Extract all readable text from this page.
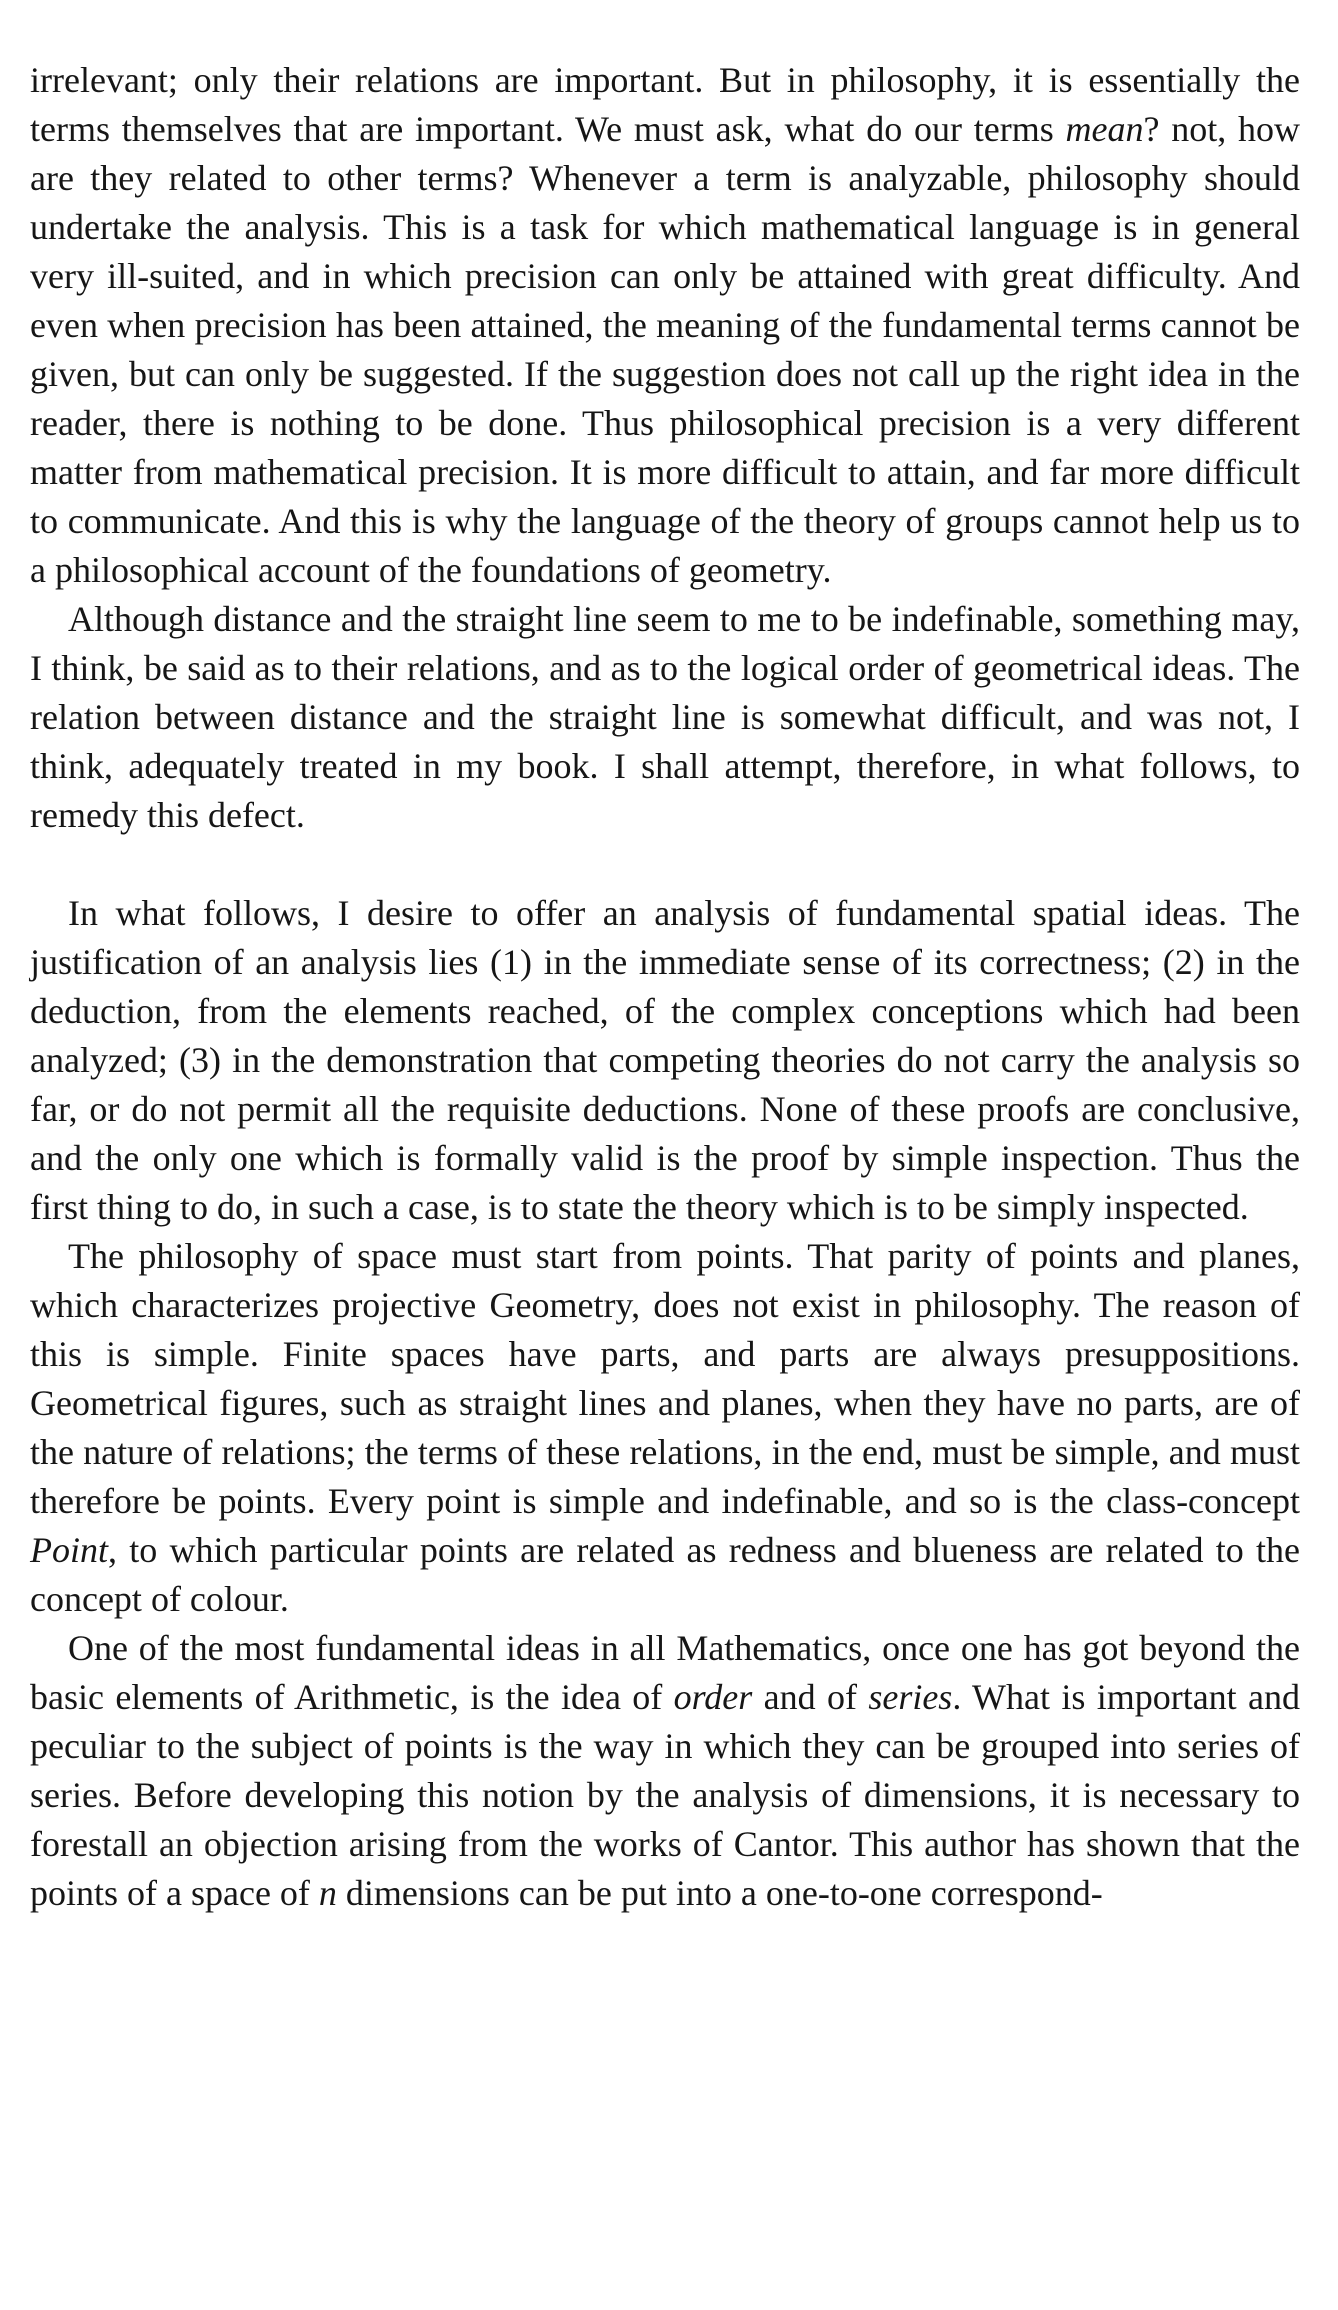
irrelevant; only their relations are important. But in philosophy, it is essentially the terms themselves that are important. We must ask, what do our terms mean? not, how are they related to other terms? Whenever a term is analyzable, philosophy should undertake the analysis. This is a task for which mathematical language is in general very ill-suited, and in which precision can only be attained with great difficulty. And even when precision has been attained, the meaning of the fundamental terms cannot be given, but can only be suggested. If the suggestion does not call up the right idea in the reader, there is nothing to be done. Thus philosophical precision is a very different matter from mathematical precision. It is more difficult to attain, and far more difficult to communicate. And this is why the language of the theory of groups cannot help us to a philosophical account of the foundations of geometry.

Although distance and the straight line seem to me to be indefinable, something may, I think, be said as to their relations, and as to the logical order of geometrical ideas. The relation between distance and the straight line is somewhat difficult, and was not, I think, adequately treated in my book. I shall attempt, therefore, in what follows, to remedy this defect.

In what follows, I desire to offer an analysis of fundamental spatial ideas. The justification of an analysis lies (1) in the immediate sense of its correctness; (2) in the deduction, from the elements reached, of the complex conceptions which had been analyzed; (3) in the demonstration that competing theories do not carry the analysis so far, or do not permit all the requisite deductions. None of these proofs are conclusive, and the only one which is formally valid is the proof by simple inspection. Thus the first thing to do, in such a case, is to state the theory which is to be simply inspected.

The philosophy of space must start from points. That parity of points and planes, which characterizes projective Geometry, does not exist in philosophy. The reason of this is simple. Finite spaces have parts, and parts are always presuppositions. Geometrical figures, such as straight lines and planes, when they have no parts, are of the nature of relations; the terms of these relations, in the end, must be simple, and must therefore be points. Every point is simple and indefinable, and so is the class-concept Point, to which particular points are related as redness and blueness are related to the concept of colour.

One of the most fundamental ideas in all Mathematics, once one has got beyond the basic elements of Arithmetic, is the idea of order and of series. What is important and peculiar to the subject of points is the way in which they can be grouped into series of series. Before developing this notion by the analysis of dimensions, it is necessary to forestall an objection arising from the works of Cantor. This author has shown that the points of a space of n dimensions can be put into a one-to-one correspond-
